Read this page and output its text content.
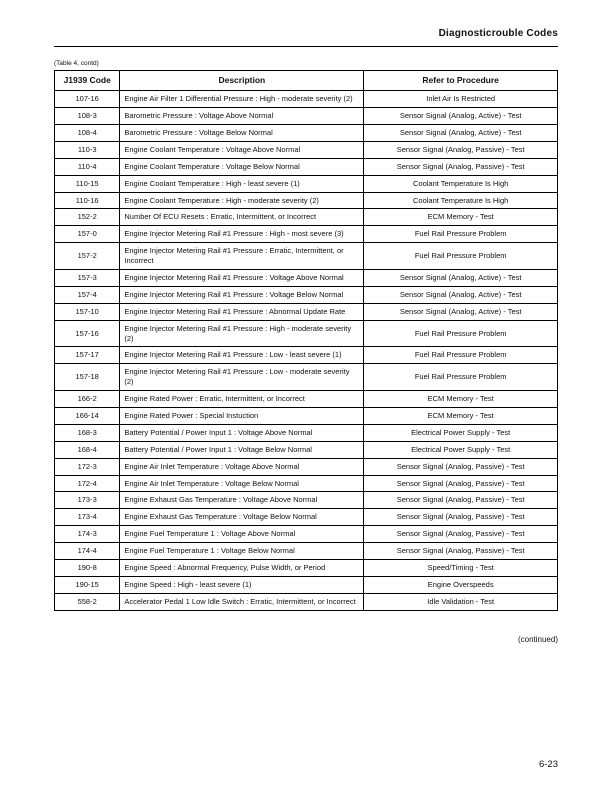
Diagnosticrouble Codes
(Table 4, contd)
J1939 Code	Description	Refer to Procedure
107-16	Engine Air Filter 1 Differential Pressure : High - moderate severity (2)	Inlet Air Is Restricted
108-3	Barometric Pressure : Voltage Above Normal	Sensor Signal (Analog, Active) - Test
108-4	Barometric Pressure : Voltage Below Normal	Sensor Signal (Analog, Active) - Test
110-3	Engine Coolant Temperature : Voltage Above Normal	Sensor Signal (Analog, Passive) - Test
110-4	Engine Coolant Temperature : Voltage Below Normal	Sensor Signal (Analog, Passive) - Test
110-15	Engine Coolant Temperature : High - least severe (1)	Coolant Temperature Is High
110-16	Engine Coolant Temperature : High - moderate severity (2)	Coolant Temperature Is High
152-2	Number Of ECU Resets : Erratic, Intermittent, or Incorrect	ECM Memory - Test
157-0	Engine Injector Metering Rail #1 Pressure : High - most severe (3)	Fuel Rail Pressure Problem
157-2	Engine Injector Metering Rail #1 Pressure : Erratic, Intermittent, or Incorrect	Fuel Rail Pressure Problem
157-3	Engine Injector Metering Rail #1 Pressure : Voltage Above Normal	Sensor Signal (Analog, Active) - Test
157-4	Engine Injector Metering Rail #1 Pressure : Voltage Below Normal	Sensor Signal (Analog, Active) - Test
157-10	Engine Injector Metering Rail #1 Pressure : Abnormal Update Rate	Sensor Signal (Analog, Active) - Test
157-16	Engine Injector Metering Rail #1 Pressure : High - moderate severity (2)	Fuel Rail Pressure Problem
157-17	Engine Injector Metering Rail #1 Pressure : Low - least severe (1)	Fuel Rail Pressure Problem
157-18	Engine Injector Metering Rail #1 Pressure : Low - moderate severity (2)	Fuel Rail Pressure Problem
166-2	Engine Rated Power : Erratic, Intermittent, or Incorrect	ECM Memory - Test
166-14	Engine Rated Power : Special Instuction	ECM Memory - Test
168-3	Battery Potential / Power Input 1 : Voltage Above Normal	Electrical Power Supply - Test
168-4	Battery Potential / Power Input 1 : Voltage Below Normal	Electrical Power Supply - Test
172-3	Engine Air Inlet Temperature : Voltage Above Normal	Sensor Signal (Analog, Passive) - Test
172-4	Engine Air Inlet Temperature : Voltage Below Normal	Sensor Signal (Analog, Passive) - Test
173-3	Engine Exhaust Gas Temperature : Voltage Above Normal	Sensor Signal (Analog, Passive) - Test
173-4	Engine Exhaust Gas Temperature : Voltage Below Normal	Sensor Signal (Analog, Passive) - Test
174-3	Engine Fuel Temperature 1 : Voltage Above Normal	Sensor Signal (Analog, Passive) - Test
174-4	Engine Fuel Temperature 1 : Voltage Below Normal	Sensor Signal (Analog, Passive) - Test
190-8	Engine Speed : Abnormal Frequency, Pulse Width, or Period	Speed/Timing - Test
190-15	Engine Speed : High - least severe (1)	Engine Overspeeds
558-2	Accelerator Pedal 1 Low Idle Switch : Erratic, Intermittent, or Incorrect	Idle Validation - Test
(continued)
6-23
